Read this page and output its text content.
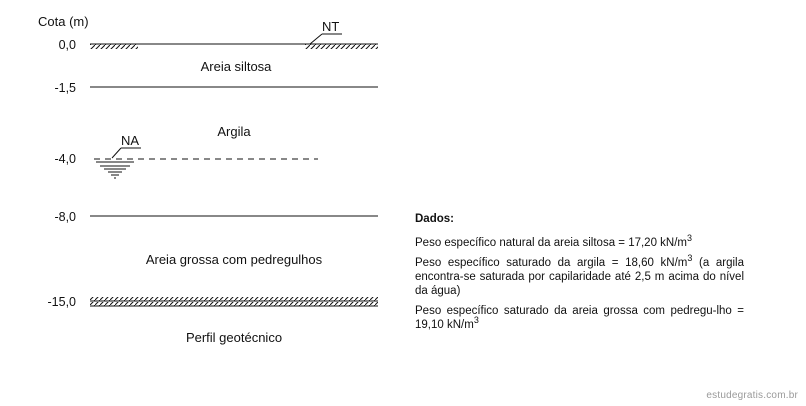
Cota (m)
0,0
-1,5
-4,0
-8,0
-15,0
NT
NA
Areia siltosa
Argila
Areia grossa com pedregulhos
Perfil geotécnico
Dados:
Peso específico natural da areia siltosa = 17,20 $kN/m^3$
Peso específico saturado da argila = 18,60 $kN/m^3$ (a argila encontra-se saturada por capilaridade até 2,5 m acima do nível da água)
Peso específico saturado da areia grossa com pedregu-lho = 19,10 $kN/m^3$
estudegratis.com.br
